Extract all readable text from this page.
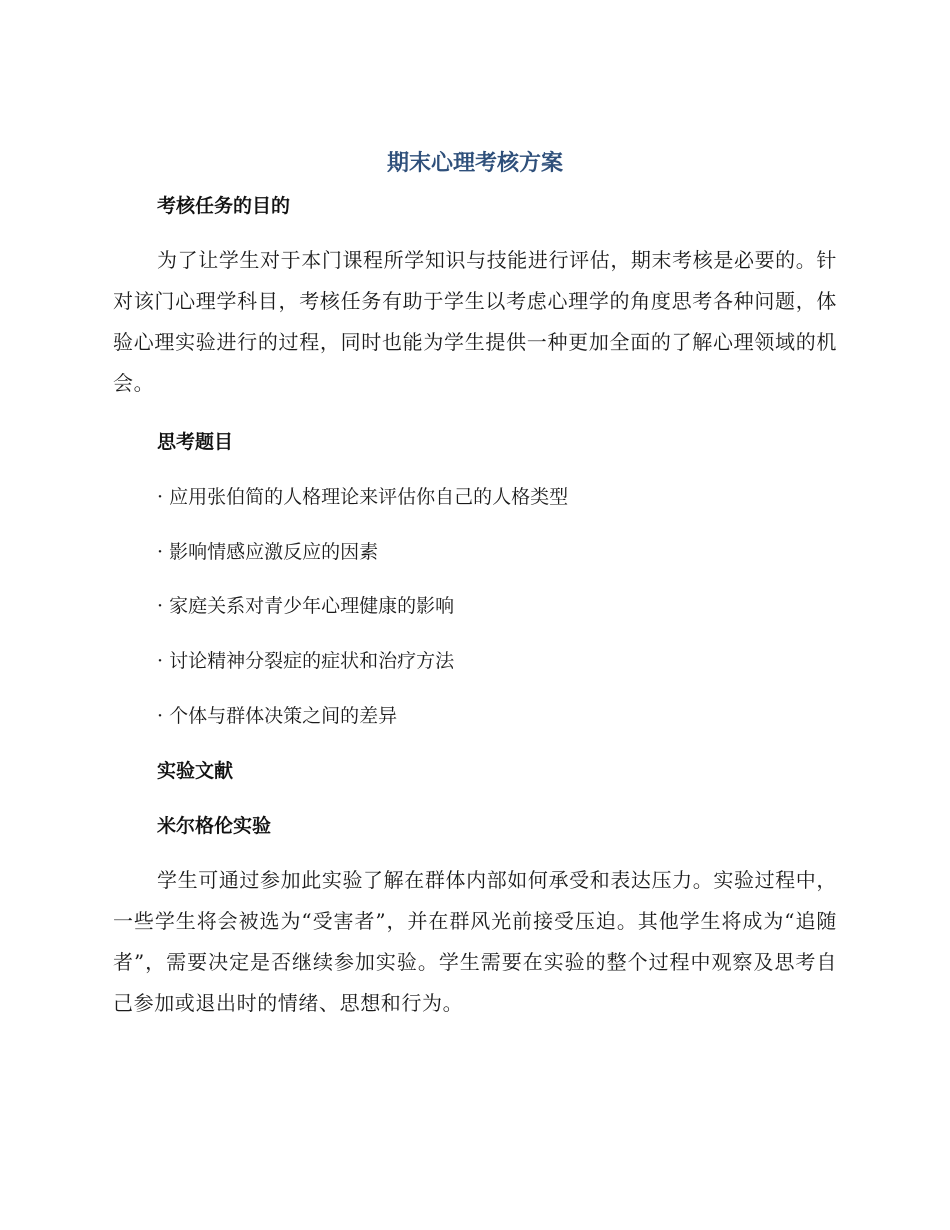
期末心理考核方案
考核任务的目的
为了让学生对于本门课程所学知识与技能进行评估，期末考核是必要的。针对该门心理学科目，考核任务有助于学生以考虑心理学的角度思考各种问题，体验心理实验进行的过程，同时也能为学生提供一种更加全面的了解心理领域的机会。
思考题目
· 应用张伯简的人格理论来评估你自己的人格类型
· 影响情感应激反应的因素
· 家庭关系对青少年心理健康的影响
· 讨论精神分裂症的症状和治疗方法
· 个体与群体决策之间的差异
实验文献
米尔格伦实验
学生可通过参加此实验了解在群体内部如何承受和表达压力。实验过程中，一些学生将会被选为“受害者”，并在群风光前接受压迫。其他学生将成为“追随者”，需要决定是否继续参加实验。学生需要在实验的整个过程中观察及思考自己参加或退出时的情绪、思想和行为。
